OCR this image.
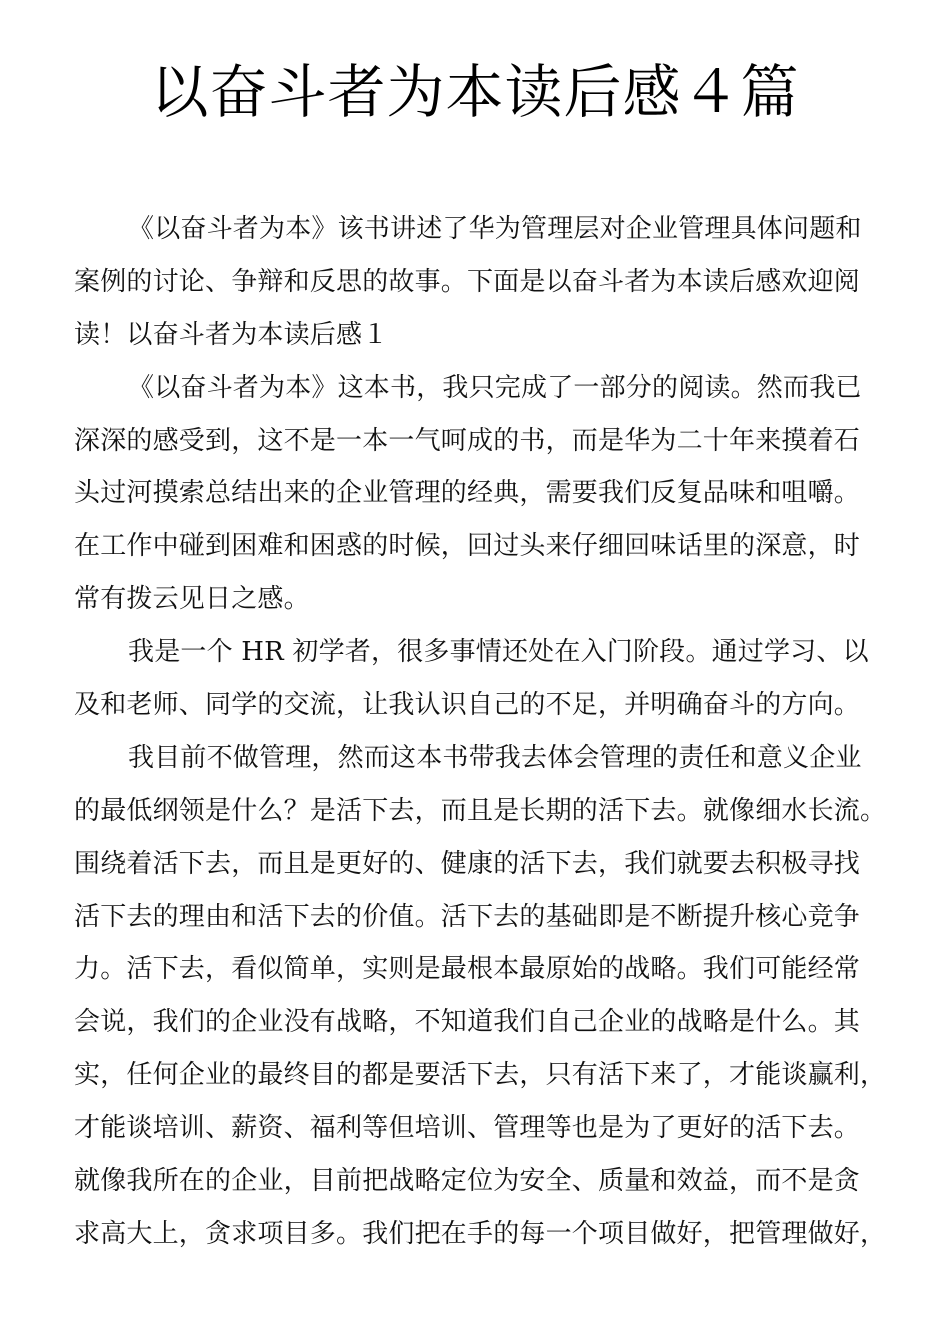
以奋斗者为本读后感４篇
《以奋斗者为本》该书讲述了华为管理层对企业管理具体问题和
案例的讨论、争辩和反思的故事。下面是以奋斗者为本读后感欢迎阅
读！以奋斗者为本读后感１
《以奋斗者为本》这本书，我只完成了一部分的阅读。然而我已
深深的感受到，这不是一本一气呵成的书，而是华为二十年来摸着石
头过河摸索总结出来的企业管理的经典，需要我们反复品味和咀嚼。
在工作中碰到困难和困惑的时候，回过头来仔细回味话里的深意，时
常有拨云见日之感。
我是一个 HR 初学者，很多事情还处在入门阶段。通过学习、以
及和老师、同学的交流，让我认识自己的不足，并明确奋斗的方向。
我目前不做管理，然而这本书带我去体会管理的责任和意义企业
的最低纲领是什么？是活下去，而且是长期的活下去。就像细水长流。
围绕着活下去，而且是更好的、健康的活下去，我们就要去积极寻找
活下去的理由和活下去的价值。活下去的基础即是不断提升核心竞争
力。活下去，看似简单，实则是最根本最原始的战略。我们可能经常
会说，我们的企业没有战略，不知道我们自己企业的战略是什么。其
实，任何企业的最终目的都是要活下去，只有活下来了，才能谈赢利，
才能谈培训、薪资、福利等但培训、管理等也是为了更好的活下去。
就像我所在的企业，目前把战略定位为安全、质量和效益，而不是贪
求高大上，贪求项目多。我们把在手的每一个项目做好，把管理做好，
